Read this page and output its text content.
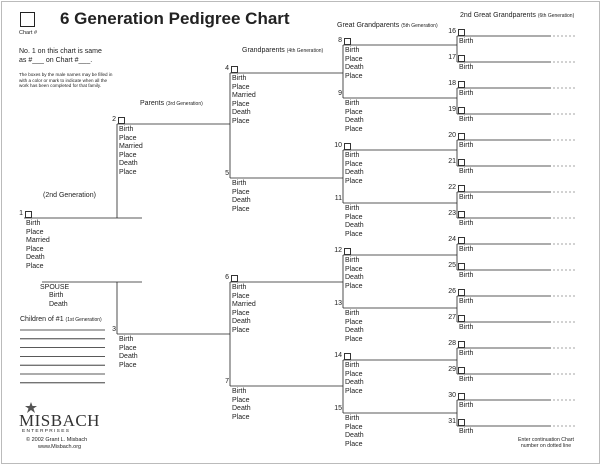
Chart #
6 Generation Pedigree Chart
No. 1 on this chart is same
as #___ on Chart #___.
The boxes by the male names may be filled in with a color or mark to indicate when all the work has been completed for that family.
(2nd Generation)
Parents (3rd Generation)
Grandparents (4th Generation)
Great Grandparents (5th Generation)
2nd Great Grandparents (6th Generation)
SPOUSE
Birth
Death
Children of #1 (1st Generation)
MISBACH
E N T E R P R I S E S
© 2002 Grant L. Misbach
www.Misbach.org
Enter continuation Chart
number on dotted line
16
Birth
17
Birth
18
Birth
19
Birth
20
Birth
21
Birth
22
Birth
23
Birth
24
Birth
25
Birth
26
Birth
27
Birth
28
Birth
29
Birth
30
Birth
31
Birth
8
Birth
Place
Death
Place
9
Birth
Place
Death
Place
10
Birth
Place
Death
Place
11
Birth
Place
Death
Place
12
Birth
Place
Death
Place
13
Birth
Place
Death
Place
14
Birth
Place
Death
Place
15
Birth
Place
Death
Place
4
Birth
Place
Married
Place
Death
Place
5
Birth
Place
Death
Place
6
Birth
Place
Married
Place
Death
Place
7
Birth
Place
Death
Place
2
Birth
Place
Married
Place
Death
Place
3
Birth
Place
Death
Place
1
Birth
Place
Married
Place
Death
Place
